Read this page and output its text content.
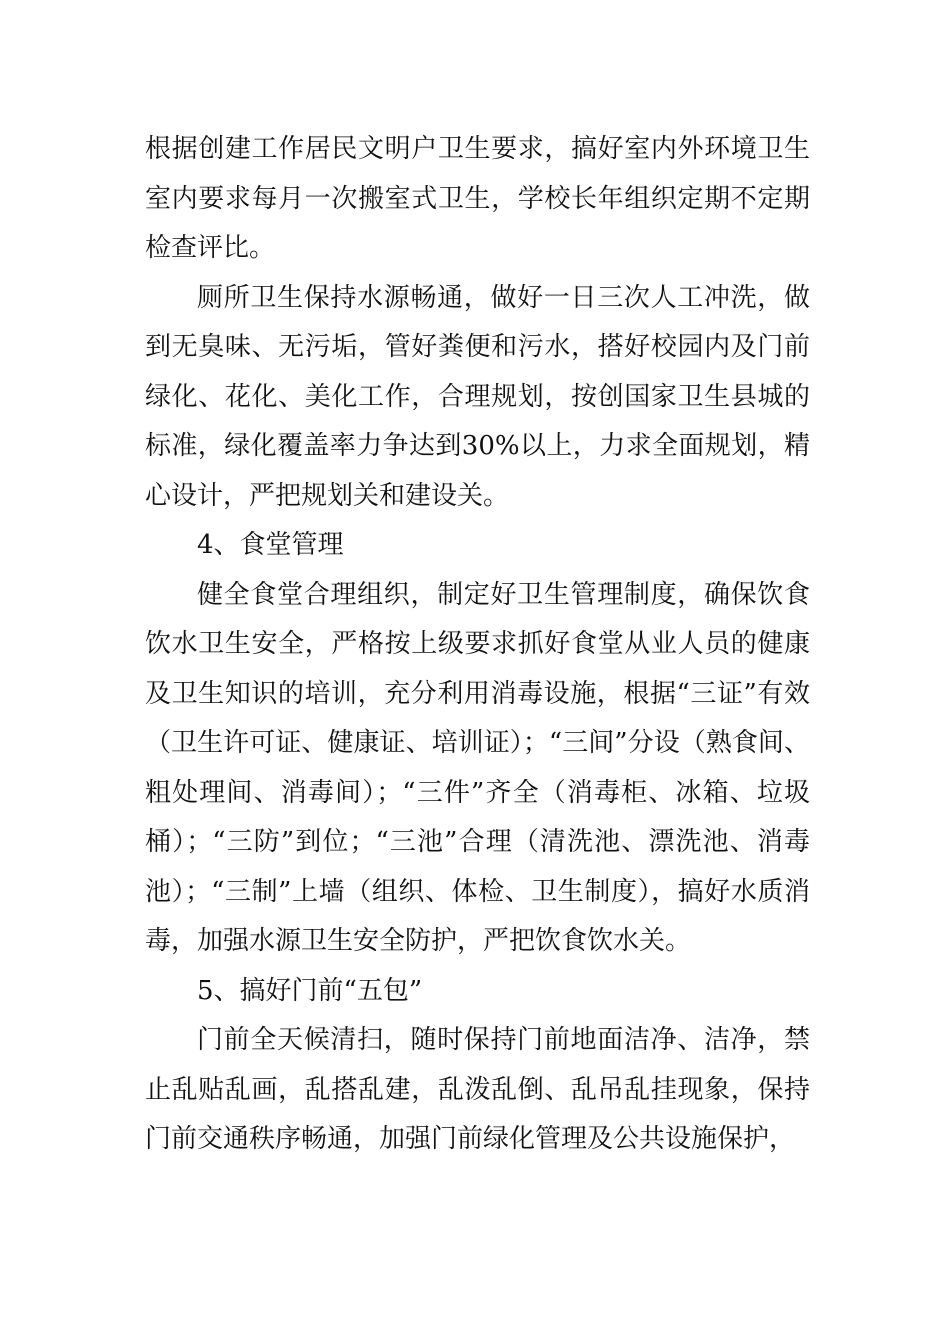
根据创建工作居民文明户卫生要求，搞好室内外环境卫生室内要求每月一次搬室式卫生，学校长年组织定期不定期检查评比。

厕所卫生保持水源畅通，做好一日三次人工冲洗，做到无臭味、无污垢，管好粪便和污水，搭好校园内及门前绿化、花化、美化工作，合理规划，按创国家卫生县城的标准，绿化覆盖率力争达到30%以上，力求全面规划，精心设计，严把规划关和建设关。

4、食堂管理

健全食堂合理组织，制定好卫生管理制度，确保饮食饮水卫生安全，严格按上级要求抓好食堂从业人员的健康及卫生知识的培训，充分利用消毒设施，根据“三证”有效（卫生许可证、健康证、培训证）；“三间”分设（熟食间、粗处理间、消毒间）；“三件”齐全（消毒柜、冰箱、垃圾桶）；“三防”到位；“三池”合理（清洗池、漂洗池、消毒池）；“三制”上墙（组织、体检、卫生制度），搞好水质消毒，加强水源卫生安全防护，严把饮食饮水关。

5、搞好门前“五包”

门前全天候清扫，随时保持门前地面洁净、洁净，禁止乱贴乱画，乱搭乱建，乱泼乱倒、乱吊乱挂现象，保持门前交通秩序畅通，加强门前绿化管理及公共设施保护，
